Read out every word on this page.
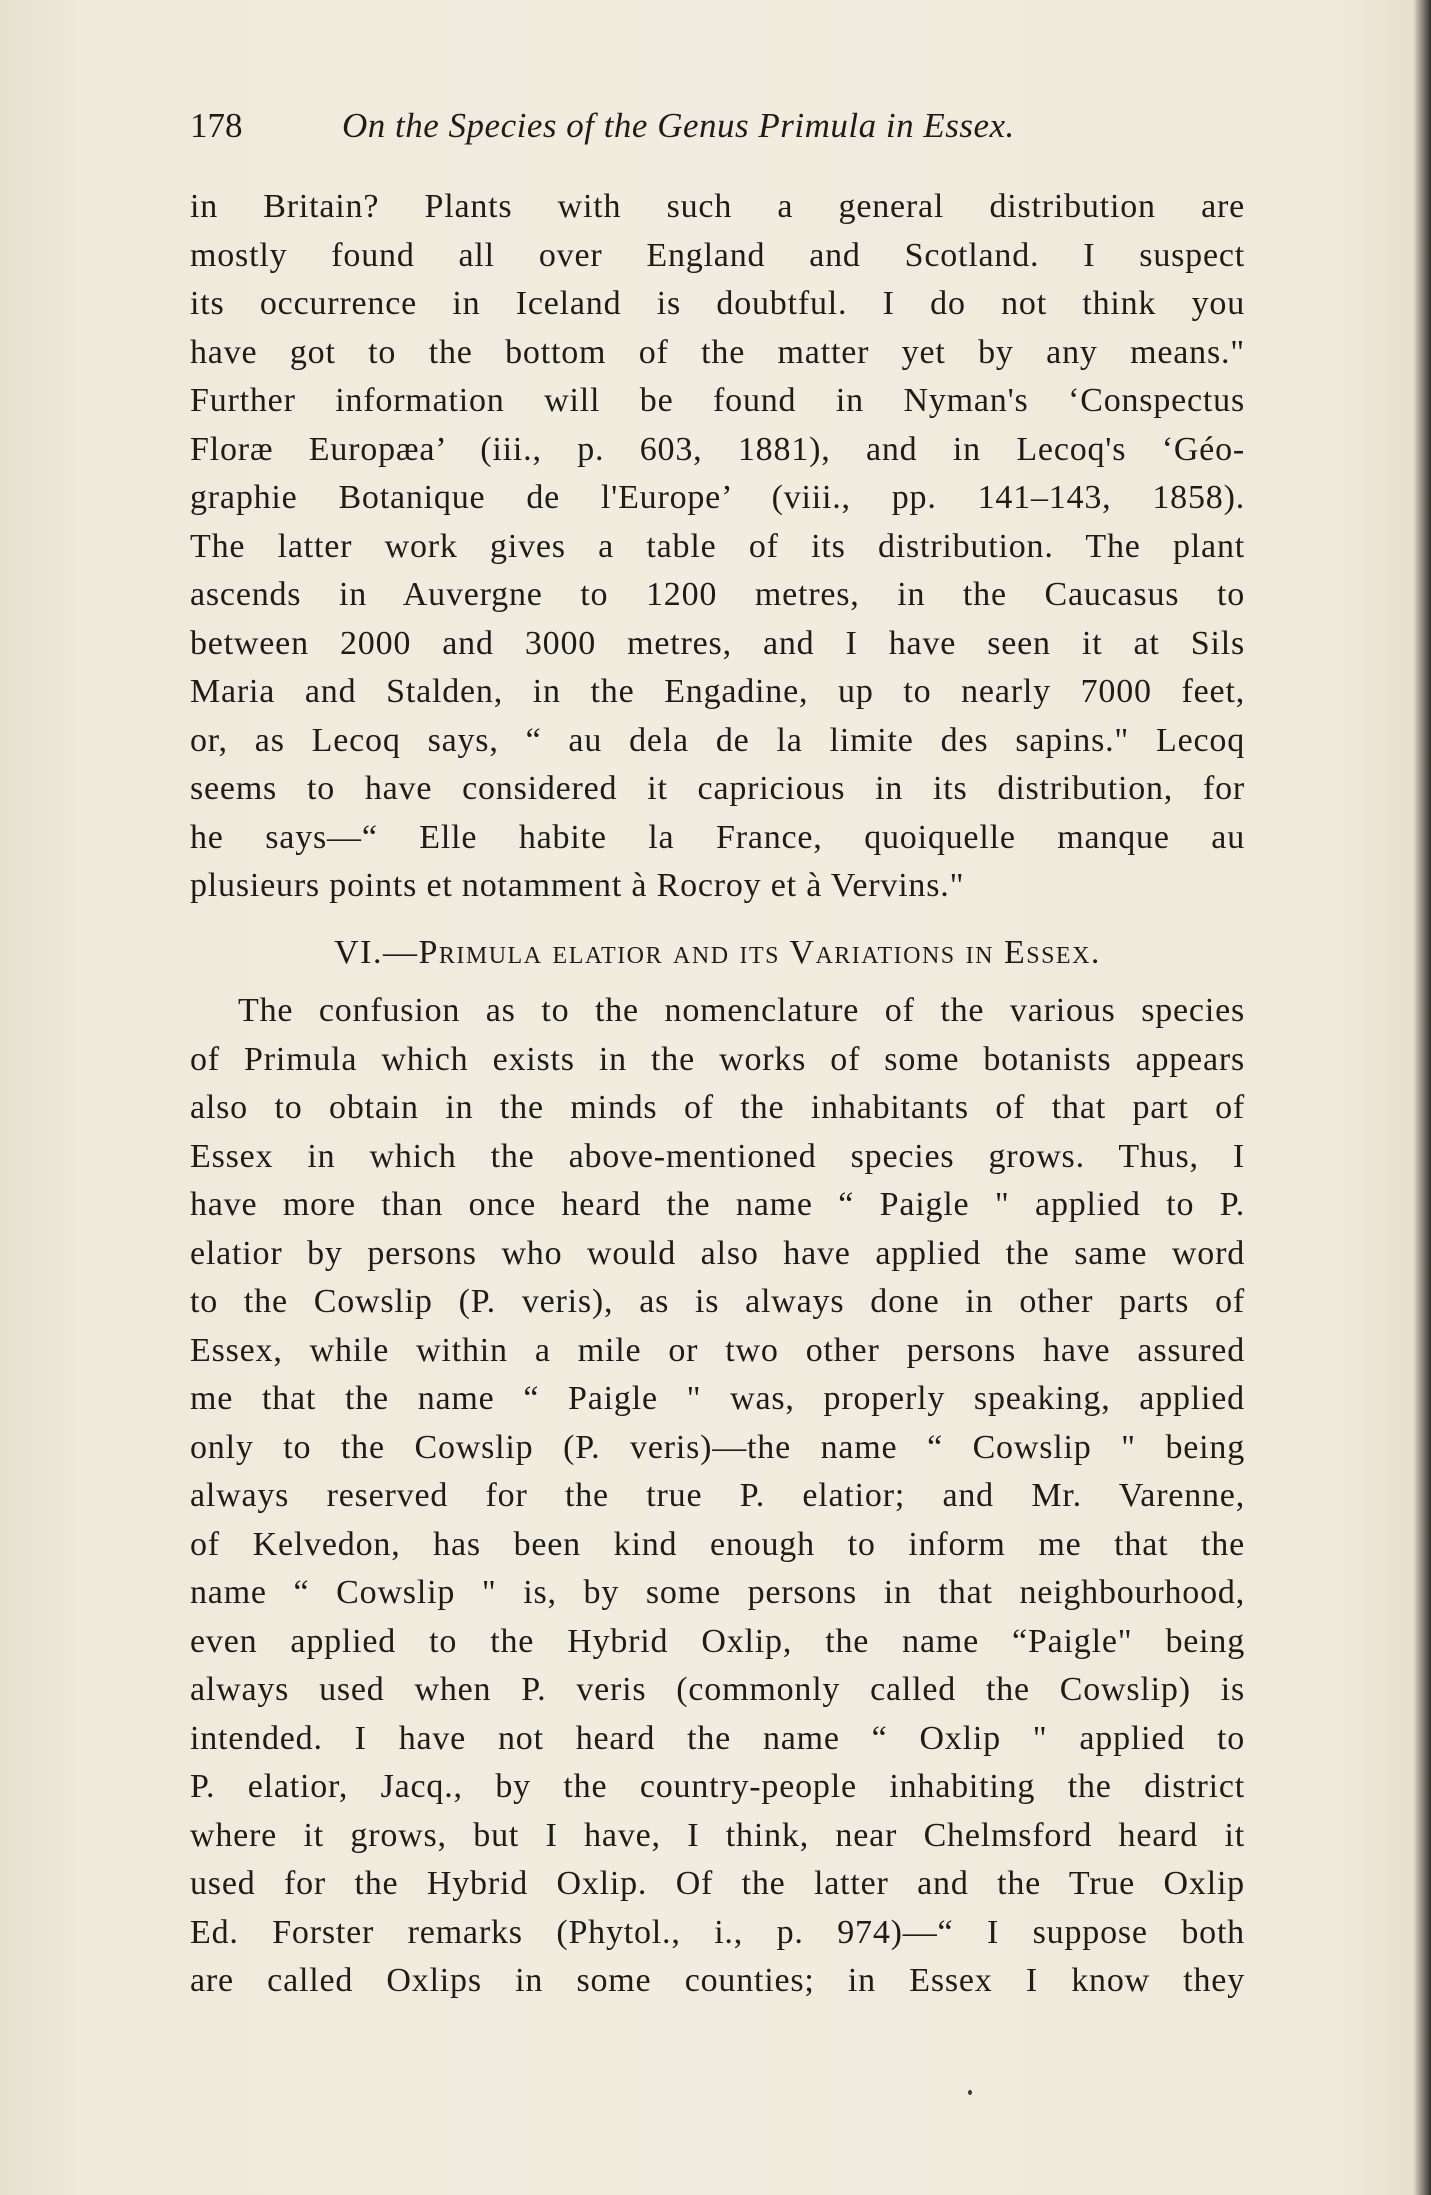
178	On the Species of the Genus Primula in Essex.
in Britain? Plants with such a general distribution are
mostly found all over England and Scotland. I suspect
its occurrence in Iceland is doubtful. I do not think you
have got to the bottom of the matter yet by any means."
Further information will be found in Nyman's ‘Conspectus
Floræ Europæa’ (iii., p. 603, 1881), and in Lecoq's ‘Géo-
graphie Botanique de l'Europe’ (viii., pp. 141–143, 1858).
The latter work gives a table of its distribution. The plant
ascends in Auvergne to 1200 metres, in the Caucasus to
between 2000 and 3000 metres, and I have seen it at Sils
Maria and Stalden, in the Engadine, up to nearly 7000 feet,
or, as Lecoq says, “ au dela de la limite des sapins." Lecoq
seems to have considered it capricious in its distribution, for
he says—“ Elle habite la France, quoiquelle manque au
plusieurs points et notamment à Rocroy et à Vervins."
VI.—Primula elatior and its Variations in Essex.
The confusion as to the nomenclature of the various species
of Primula which exists in the works of some botanists appears
also to obtain in the minds of the inhabitants of that part of
Essex in which the above-mentioned species grows. Thus, I
have more than once heard the name “ Paigle " applied to P.
elatior by persons who would also have applied the same word
to the Cowslip (P. veris), as is always done in other parts of
Essex, while within a mile or two other persons have assured
me that the name “ Paigle " was, properly speaking, applied
only to the Cowslip (P. veris)—the name “ Cowslip " being
always reserved for the true P. elatior; and Mr. Varenne,
of Kelvedon, has been kind enough to inform me that the
name “ Cowslip " is, by some persons in that neighbourhood,
even applied to the Hybrid Oxlip, the name “Paigle" being
always used when P. veris (commonly called the Cowslip) is
intended. I have not heard the name “ Oxlip " applied to
P. elatior, Jacq., by the country-people inhabiting the district
where it grows, but I have, I think, near Chelmsford heard it
used for the Hybrid Oxlip. Of the latter and the True Oxlip
Ed. Forster remarks (Phytol., i., p. 974)—“ I suppose both
are called Oxlips in some counties; in Essex I know they
